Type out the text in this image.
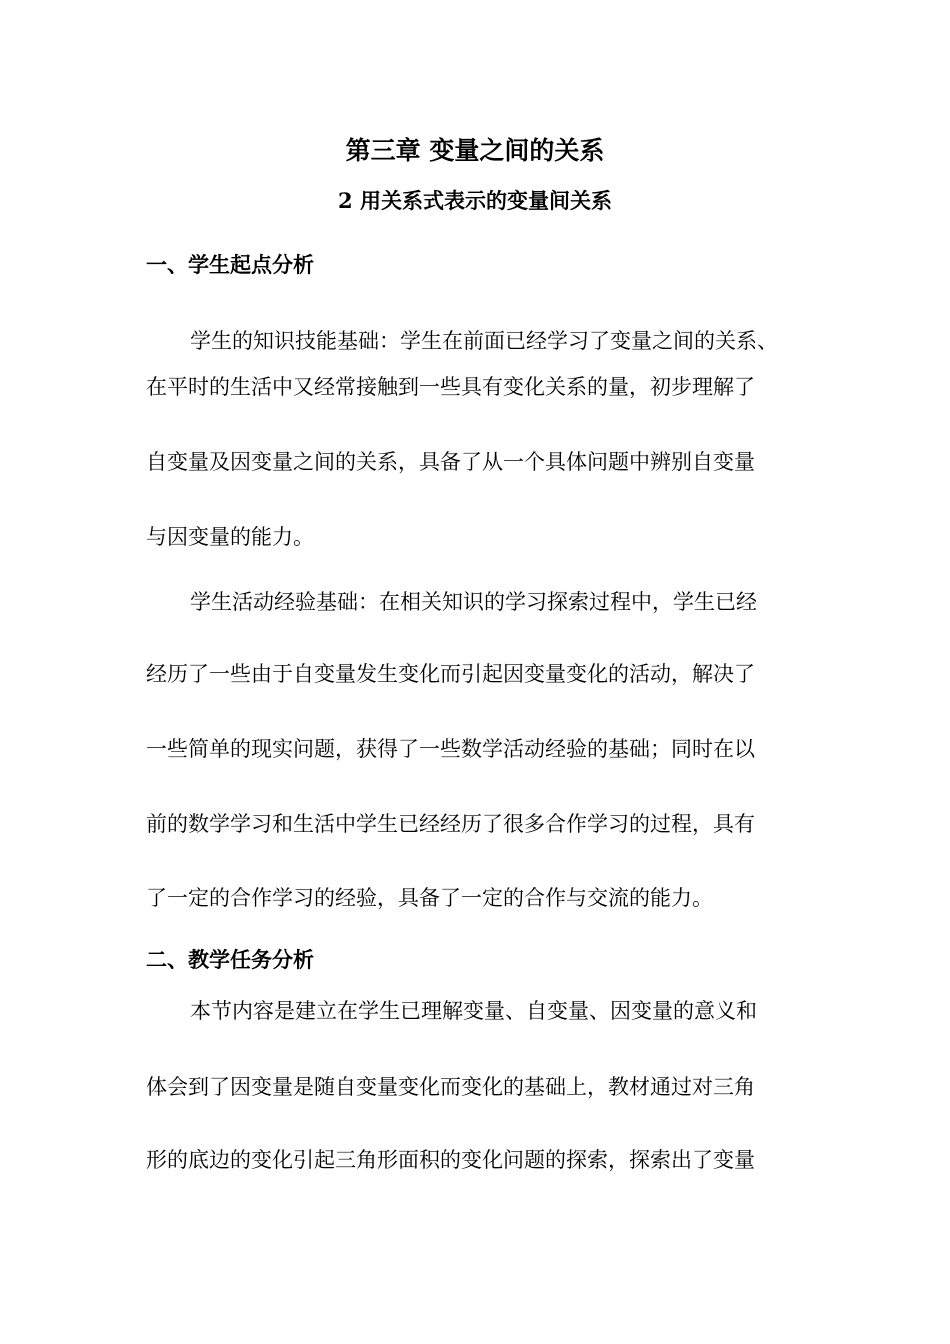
第三章 变量之间的关系
2 用关系式表示的变量间关系
一、学生起点分析

学生的知识技能基础：学生在前面已经学习了变量之间的关系、

在平时的生活中又经常接触到一些具有变化关系的量，初步理解了

自变量及因变量之间的关系，具备了从一个具体问题中辨别自变量

与因变量的能力。

学生活动经验基础：在相关知识的学习探索过程中，学生已经

经历了一些由于自变量发生变化而引起因变量变化的活动，解决了

一些简单的现实问题，获得了一些数学活动经验的基础；同时在以

前的数学学习和生活中学生已经经历了很多合作学习的过程，具有

了一定的合作学习的经验，具备了一定的合作与交流的能力。

二、教学任务分析

本节内容是建立在学生已理解变量、自变量、因变量的意义和

体会到了因变量是随自变量变化而变化的基础上，教材通过对三角

形的底边的变化引起三角形面积的变化问题的探索，探索出了变量
